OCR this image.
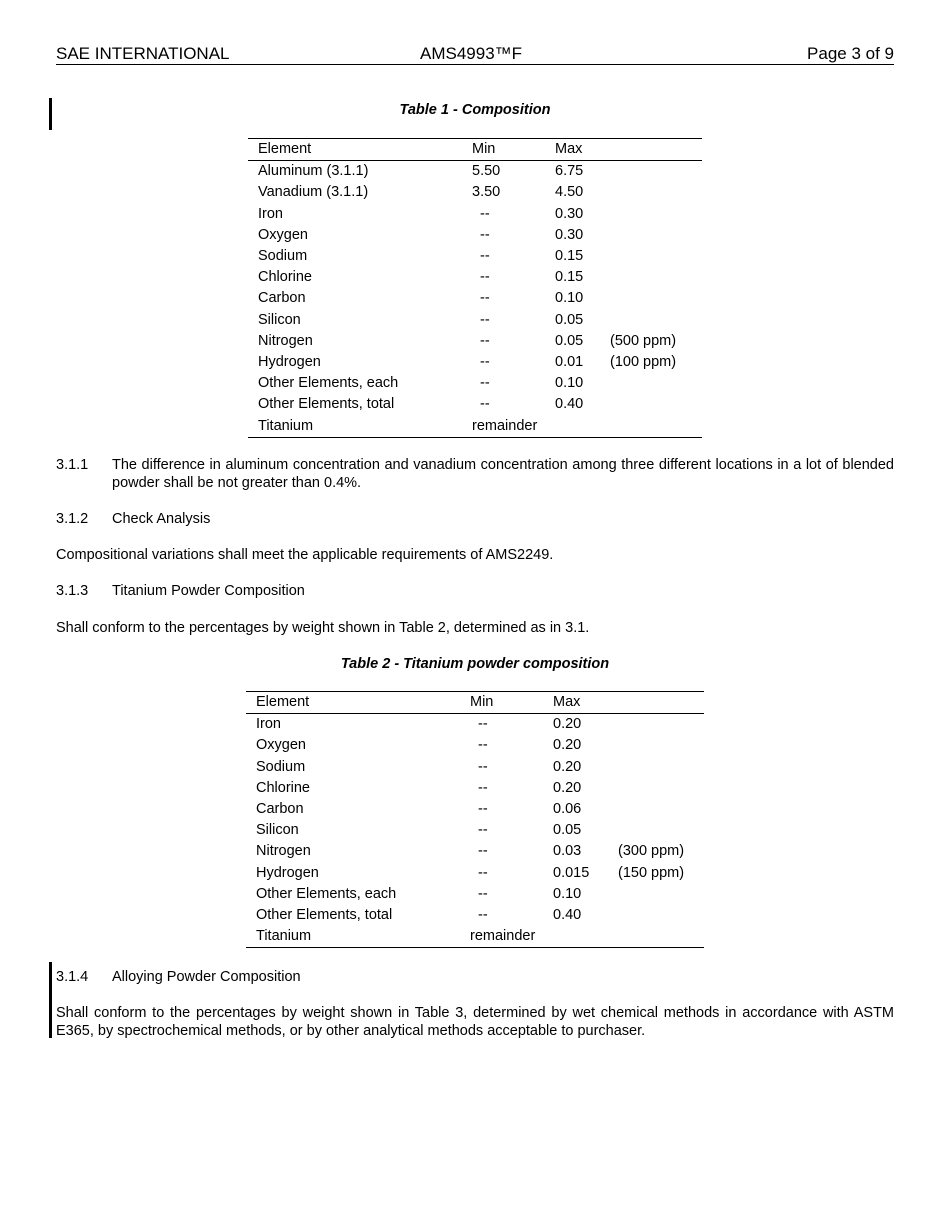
SAE INTERNATIONAL	AMS4993™F	Page 3 of 9
Table 1 - Composition
Element	Min	Max	
Aluminum (3.1.1)	5.50	6.75	
Vanadium (3.1.1)	3.50	4.50	
Iron	--	0.30	
Oxygen	--	0.30	
Sodium	--	0.15	
Chlorine	--	0.15	
Carbon	--	0.10	
Silicon	--	0.05	
Nitrogen	--	0.05	(500 ppm)
Hydrogen	--	0.01	(100 ppm)
Other Elements, each	--	0.10	
Other Elements, total	--	0.40	
Titanium	remainder		
3.1.1 The difference in aluminum concentration and vanadium concentration among three different locations in a lot of blended powder shall be not greater than 0.4%.
3.1.2 Check Analysis
Compositional variations shall meet the applicable requirements of AMS2249.
3.1.3 Titanium Powder Composition
Shall conform to the percentages by weight shown in Table 2, determined as in 3.1.
Table 2 - Titanium powder composition
Element	Min	Max	
Iron	--	0.20	
Oxygen	--	0.20	
Sodium	--	0.20	
Chlorine	--	0.20	
Carbon	--	0.06	
Silicon	--	0.05	
Nitrogen	--	0.03	(300 ppm)
Hydrogen	--	0.015	(150 ppm)
Other Elements, each	--	0.10	
Other Elements, total	--	0.40	
Titanium	remainder		
3.1.4 Alloying Powder Composition
Shall conform to the percentages by weight shown in Table 3, determined by wet chemical methods in accordance with ASTM E365, by spectrochemical methods, or by other analytical methods acceptable to purchaser.
